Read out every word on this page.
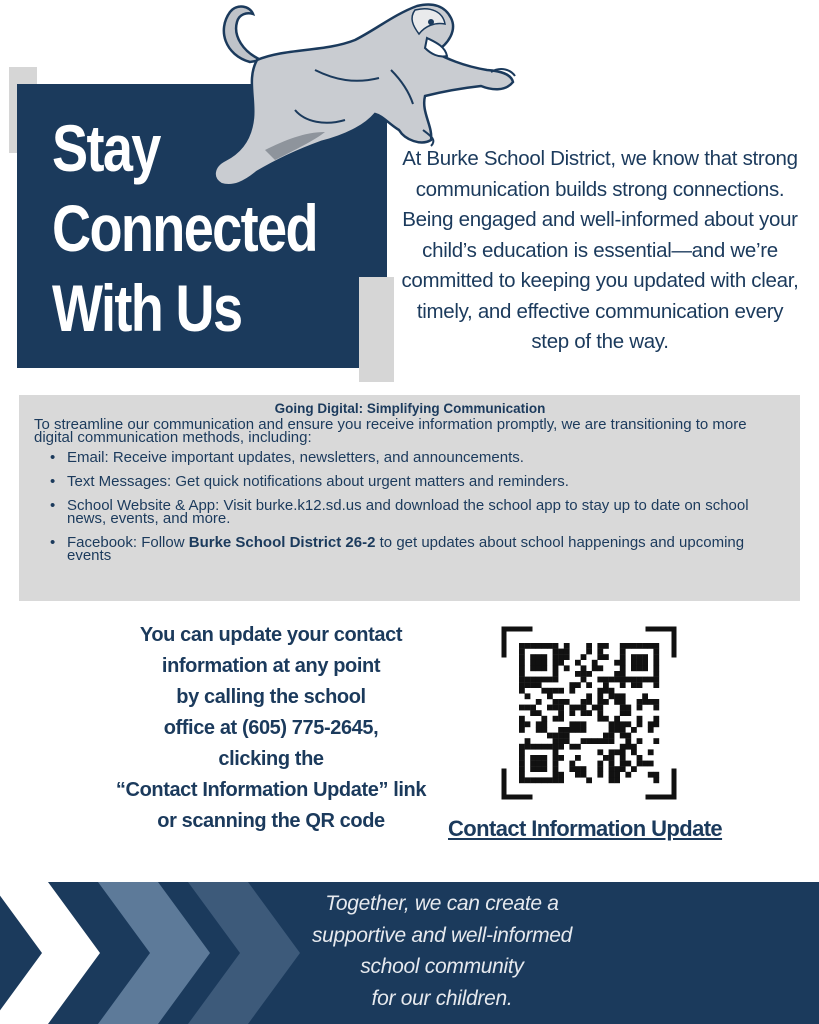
Stay
Connected
With Us
At Burke School District, we know that strong communication builds strong connections. Being engaged and well-informed about your child’s education is essential—and we’re committed to keeping you updated with clear, timely, and effective communication every step of the way.
Going Digital: Simplifying Communication
To streamline our communication and ensure you receive information promptly, we are transitioning to more digital communication methods, including:
• Email: Receive important updates, newsletters, and announcements.
• Text Messages: Get quick notifications about urgent matters and reminders.
• School Website & App: Visit burke.k12.sd.us and download the school app to stay up to date on school news, events, and more.
• Facebook: Follow Burke School District 26-2 to get updates about school happenings and upcoming events
You can update your contact
information at any point
by calling the school
office at (605) 775-2645,
clicking the
“Contact Information Update” link
or scanning the QR code	Contact Information Update
Together, we can create a
supportive and well-informed
school community
for our children.
